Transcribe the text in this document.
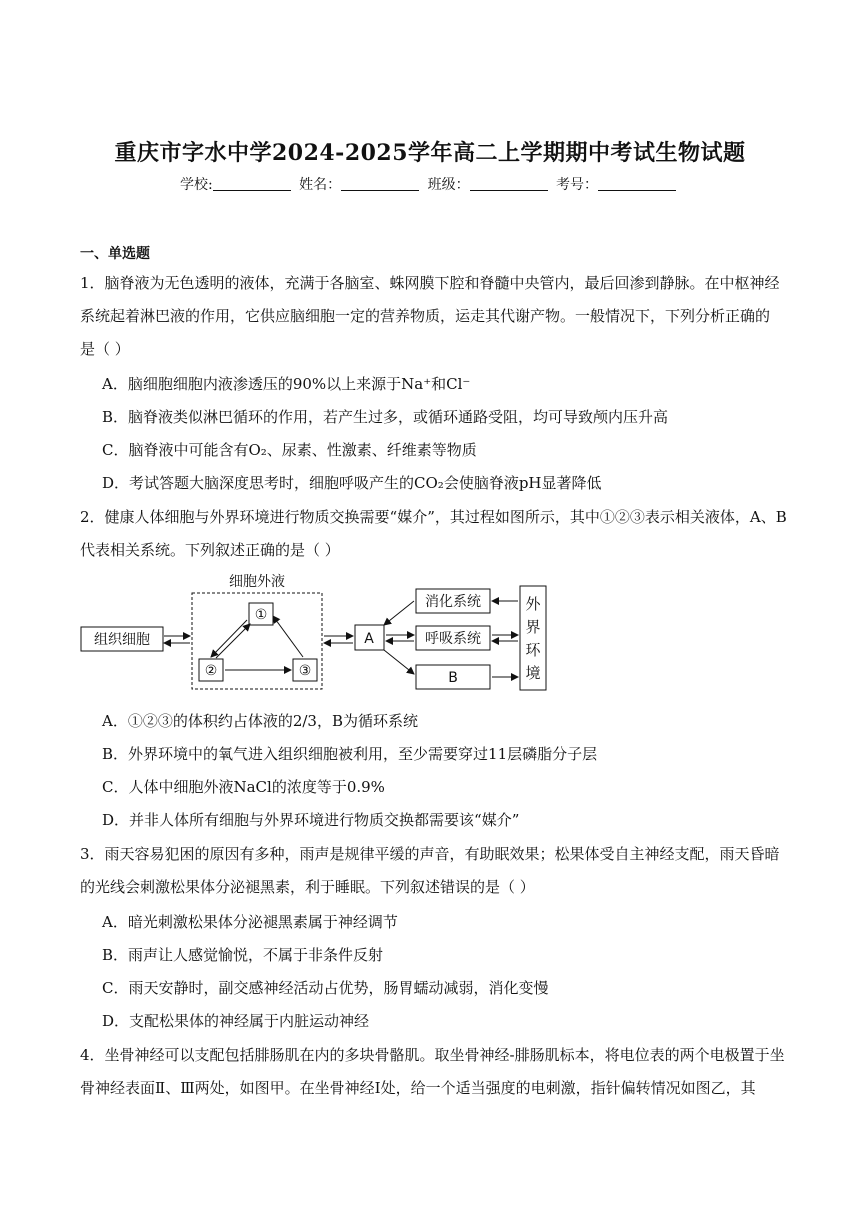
重庆市字水中学2024-2025学年高二上学期期中考试生物试题
学校:	姓名：	班级：	考号：
一、单选题
1．脑脊液为无色透明的液体，充满于各脑室、蛛网膜下腔和脊髓中央管内，最后回渗到静脉。在中枢神经
系统起着淋巴液的作用，它供应脑细胞一定的营养物质，运走其代谢产物。一般情况下，下列分析正确的
是（ ）
A．脑细胞细胞内液渗透压的90%以上来源于Na⁺和Cl⁻
B．脑脊液类似淋巴循环的作用，若产生过多，或循环通路受阻，均可导致颅内压升高
C．脑脊液中可能含有O₂、尿素、性激素、纤维素等物质
D．考试答题大脑深度思考时，细胞呼吸产生的CO₂会使脑脊液pH显著降低
2．健康人体细胞与外界环境进行物质交换需要“媒介”，其过程如图所示，其中①②③表示相关液体，A、B
代表相关系统。下列叙述正确的是（ ）
细胞外液
组织细胞
①
②	③
A
消化系统
呼吸系统
B
外
界
环
境
A．①②③的体积约占体液的2/3，B为循环系统
B．外界环境中的氧气进入组织细胞被利用，至少需要穿过11层磷脂分子层
C．人体中细胞外液NaCl的浓度等于0.9%
D．并非人体所有细胞与外界环境进行物质交换都需要该“媒介”
3．雨天容易犯困的原因有多种，雨声是规律平缓的声音，有助眠效果；松果体受自主神经支配，雨天昏暗
的光线会刺激松果体分泌褪黑素，利于睡眠。下列叙述错误的是（ ）
A．暗光刺激松果体分泌褪黑素属于神经调节
B．雨声让人感觉愉悦，不属于非条件反射
C．雨天安静时，副交感神经活动占优势，肠胃蠕动减弱，消化变慢
D．支配松果体的神经属于内脏运动神经
4．坐骨神经可以支配包括腓肠肌在内的多块骨骼肌。取坐骨神经-腓肠肌标本，将电位表的两个电极置于坐
骨神经表面Ⅱ、Ⅲ两处，如图甲。在坐骨神经Ⅰ处，给一个适当强度的电刺激，指针偏转情况如图乙，其
